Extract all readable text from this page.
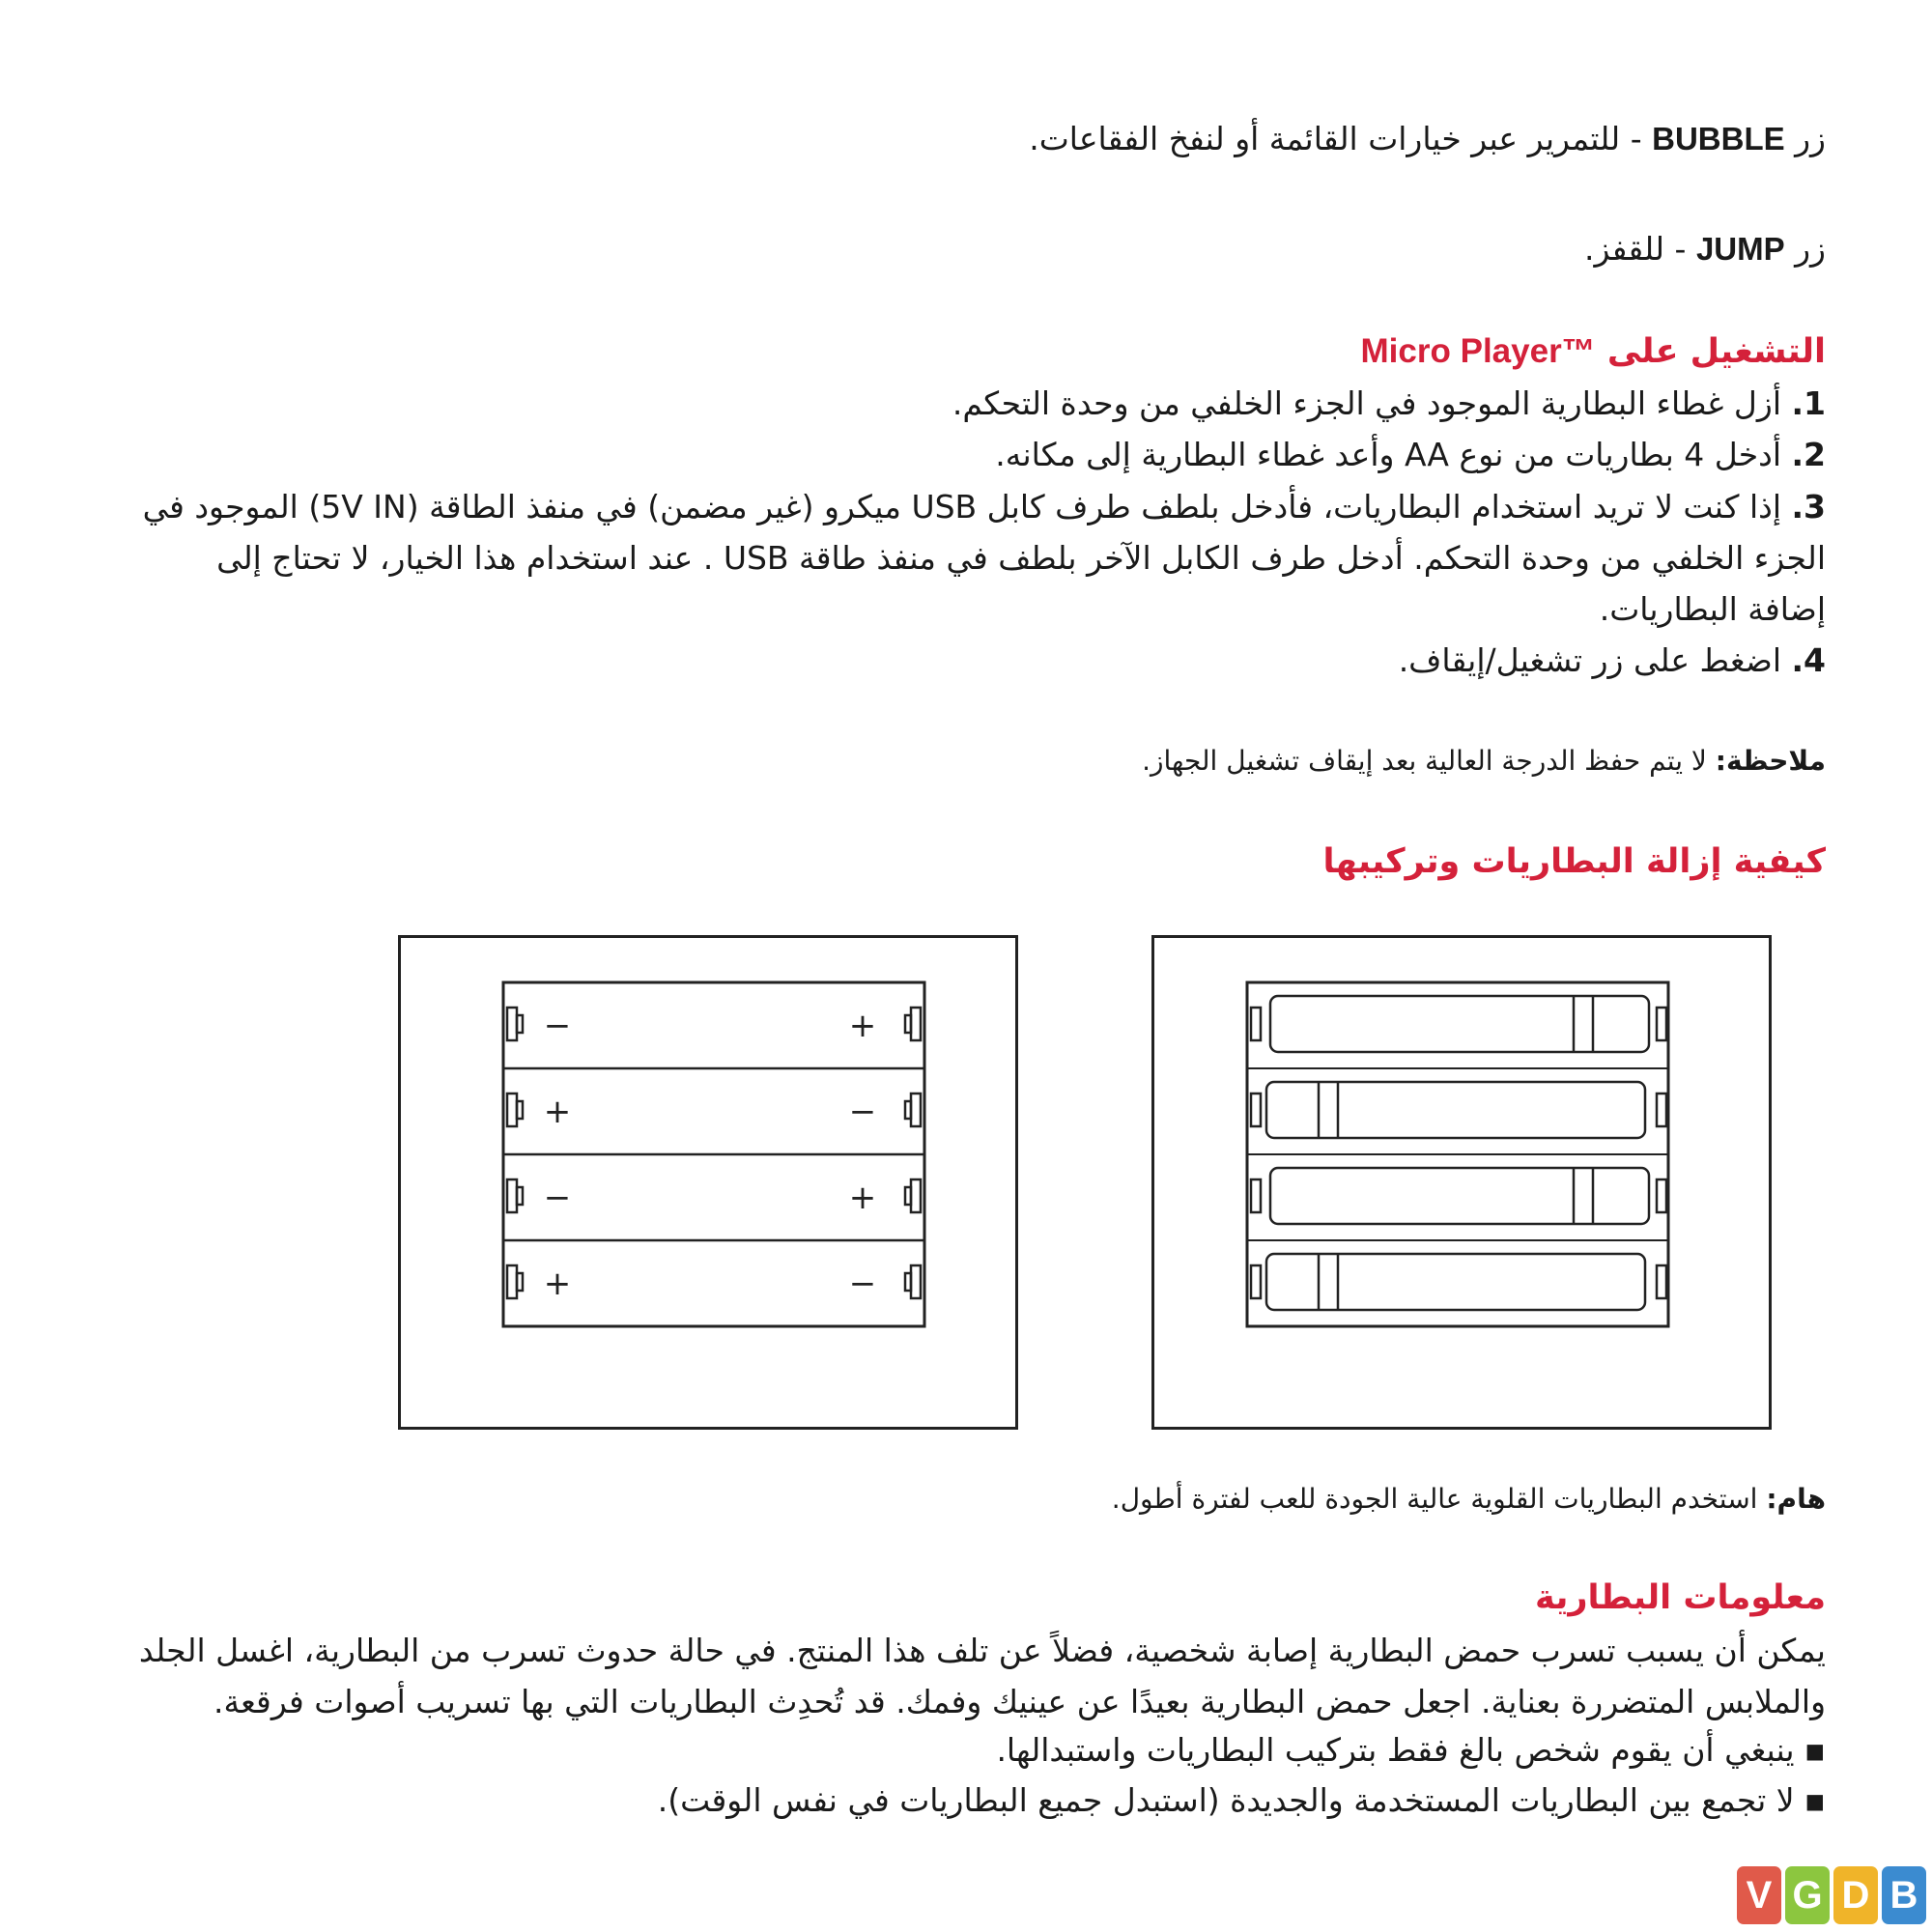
زر BUBBLE - للتمرير عبر خيارات القائمة أو لنفخ الفقاعات.
زر JUMP - للقفز.
التشغيل على Micro Player™
1. أزل غطاء البطارية الموجود في الجزء الخلفي من وحدة التحكم.
2. أدخل 4 بطاريات من نوع AA وأعد غطاء البطارية إلى مكانه.
3. إذا كنت لا تريد استخدام البطاريات، فأدخل بلطف طرف كابل USB ميكرو (غير مضمن) في منفذ الطاقة (5V IN) الموجود في الجزء الخلفي من وحدة التحكم. أدخل طرف الكابل الآخر بلطف في منفذ طاقة USB . عند استخدام هذا الخيار، لا تحتاج إلى إضافة البطاريات.
4. اضغط على زر تشغيل/إيقاف.
ملاحظة: لا يتم حفظ الدرجة العالية بعد إيقاف تشغيل الجهاز.
كيفية إزالة البطاريات وتركيبها
−	+
+	−
−	+
+	−
هام: استخدم البطاريات القلوية عالية الجودة للعب لفترة أطول.
معلومات البطارية
يمكن أن يسبب تسرب حمض البطارية إصابة شخصية، فضلاً عن تلف هذا المنتج. في حالة حدوث تسرب من البطارية، اغسل الجلد والملابس المتضررة بعناية. اجعل حمض البطارية بعيدًا عن عينيك وفمك. قد تُحدِث البطاريات التي بها تسريب أصوات فرقعة.
▪ينبغي أن يقوم شخص بالغ فقط بتركيب البطاريات واستبدالها.
▪لا تجمع بين البطاريات المستخدمة والجديدة (استبدل جميع البطاريات في نفس الوقت).
V G D B
